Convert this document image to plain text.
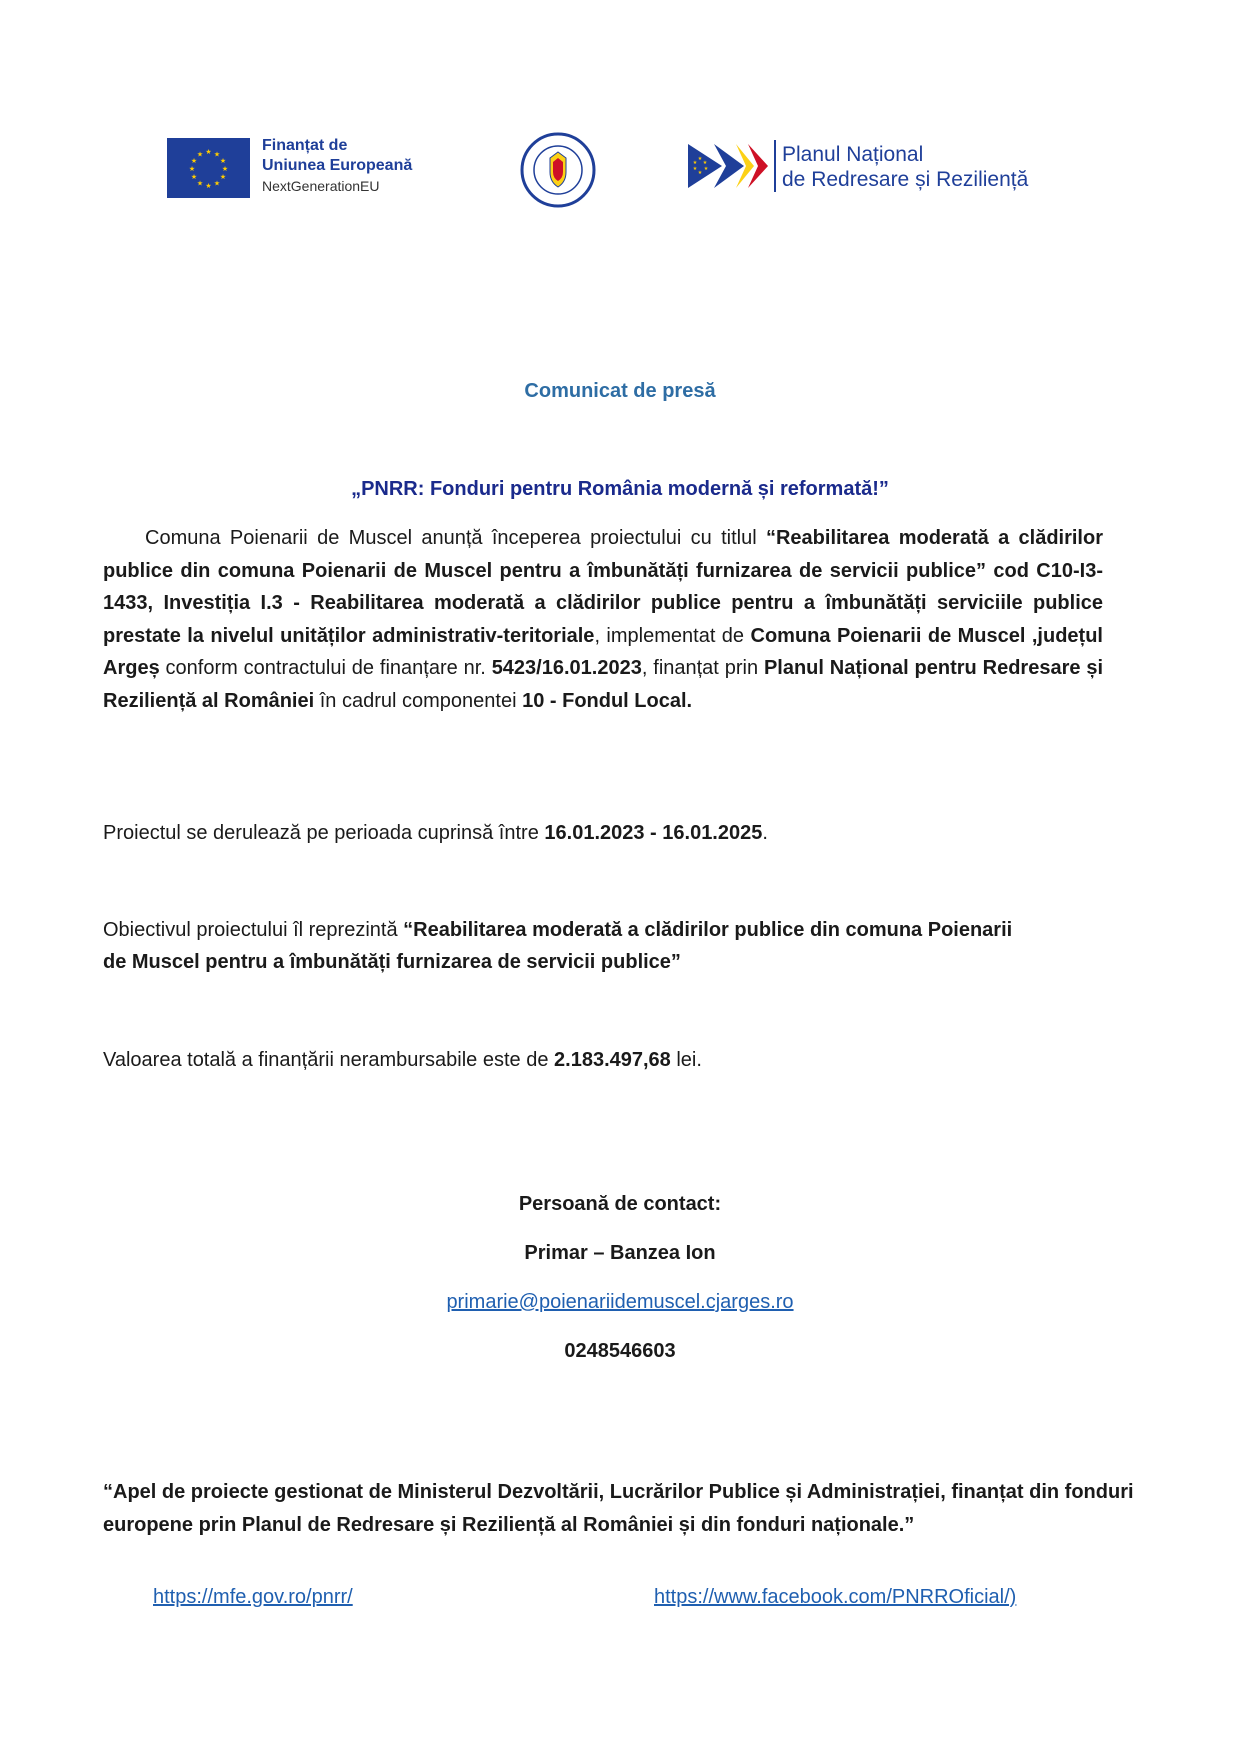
★ ★
★
★
★
★
★
★
★
★
★
★
Finanțat de
Uniunea Europeană
NextGenerationEU
★
★
★
★
★
★	Planul Național
de Redresare și Reziliență
Comunicat de presă
„PNRR: Fonduri pentru România modernă și reformată!”
Comuna Poienarii de Muscel anunță începerea proiectului cu titlul “Reabilitarea moderată a clădirilor publice din comuna Poienarii de Muscel pentru a îmbunătăți furnizarea de servicii publice” cod C10-I3-1433, Investiția I.3 - Reabilitarea moderată a clădirilor publice pentru a îmbunătăți serviciile publice prestate la nivelul unităților administrativ-teritoriale, implementat de Comuna Poienarii de Muscel ,județul Argeș conform contractului de finanțare nr. 5423/16.01.2023, finanțat prin Planul Național pentru Redresare și Reziliență al României în cadrul componentei 10 - Fondul Local.
Proiectul se derulează pe perioada cuprinsă între 16.01.2023 - 16.01.2025.
Obiectivul proiectului îl reprezintă “Reabilitarea moderată a clădirilor publice din comuna Poienarii
de Muscel pentru a îmbunătăți furnizarea de servicii publice”
Valoarea totală a finanțării nerambursabile este de 2.183.497,68 lei.
Persoană de contact:
Primar – Banzea Ion
primarie@poienariidemuscel.cjarges.ro
0248546603
“Apel de proiecte gestionat de Ministerul Dezvoltării, Lucrărilor Publice și Administrației, finanțat din fonduri europene prin Planul de Redresare și Reziliență al României și din fonduri naționale.”
https://mfe.gov.ro/pnrr/	https://www.facebook.com/PNRROficial/)
